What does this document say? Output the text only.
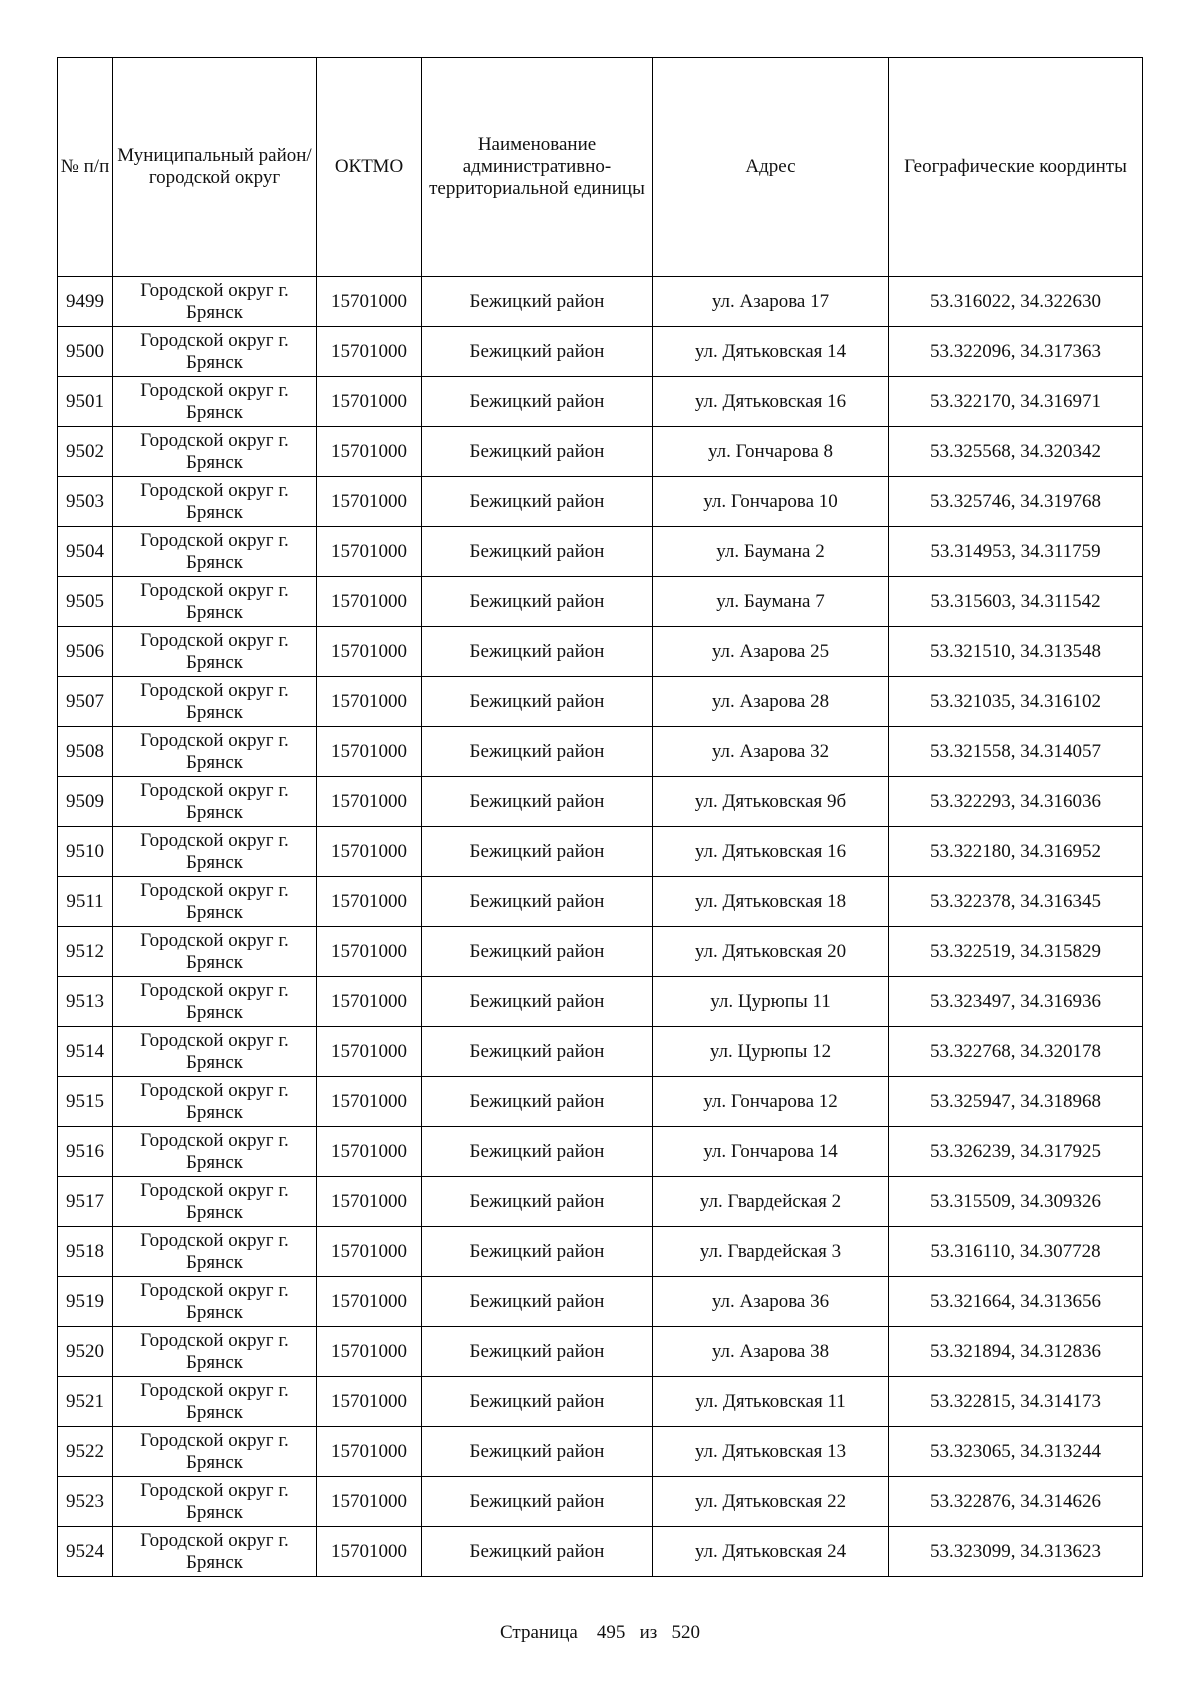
№ п/п	Муниципальный район/городской округ	ОКТМО	Наименование административно-территориальной единицы	Адрес	Географические координты
9499	Городской округ г. Брянск	15701000	Бежицкий район	ул. Азарова 17	53.316022, 34.322630
9500	Городской округ г. Брянск	15701000	Бежицкий район	ул. Дятьковская 14	53.322096, 34.317363
9501	Городской округ г. Брянск	15701000	Бежицкий район	ул. Дятьковская 16	53.322170, 34.316971
9502	Городской округ г. Брянск	15701000	Бежицкий район	ул. Гончарова 8	53.325568, 34.320342
9503	Городской округ г. Брянск	15701000	Бежицкий район	ул. Гончарова 10	53.325746, 34.319768
9504	Городской округ г. Брянск	15701000	Бежицкий район	ул. Баумана 2	53.314953, 34.311759
9505	Городской округ г. Брянск	15701000	Бежицкий район	ул. Баумана 7	53.315603, 34.311542
9506	Городской округ г. Брянск	15701000	Бежицкий район	ул. Азарова 25	53.321510, 34.313548
9507	Городской округ г. Брянск	15701000	Бежицкий район	ул. Азарова 28	53.321035, 34.316102
9508	Городской округ г. Брянск	15701000	Бежицкий район	ул. Азарова 32	53.321558, 34.314057
9509	Городской округ г. Брянск	15701000	Бежицкий район	ул. Дятьковская 9б	53.322293, 34.316036
9510	Городской округ г. Брянск	15701000	Бежицкий район	ул. Дятьковская 16	53.322180, 34.316952
9511	Городской округ г. Брянск	15701000	Бежицкий район	ул. Дятьковская 18	53.322378, 34.316345
9512	Городской округ г. Брянск	15701000	Бежицкий район	ул. Дятьковская 20	53.322519, 34.315829
9513	Городской округ г. Брянск	15701000	Бежицкий район	ул. Цурюпы 11	53.323497, 34.316936
9514	Городской округ г. Брянск	15701000	Бежицкий район	ул. Цурюпы 12	53.322768, 34.320178
9515	Городской округ г. Брянск	15701000	Бежицкий район	ул. Гончарова 12	53.325947, 34.318968
9516	Городской округ г. Брянск	15701000	Бежицкий район	ул. Гончарова 14	53.326239, 34.317925
9517	Городской округ г. Брянск	15701000	Бежицкий район	ул. Гвардейская 2	53.315509, 34.309326
9518	Городской округ г. Брянск	15701000	Бежицкий район	ул. Гвардейская 3	53.316110, 34.307728
9519	Городской округ г. Брянск	15701000	Бежицкий район	ул. Азарова 36	53.321664, 34.313656
9520	Городской округ г. Брянск	15701000	Бежицкий район	ул. Азарова 38	53.321894, 34.312836
9521	Городской округ г. Брянск	15701000	Бежицкий район	ул. Дятьковская 11	53.322815, 34.314173
9522	Городской округ г. Брянск	15701000	Бежицкий район	ул. Дятьковская 13	53.323065, 34.313244
9523	Городской округ г. Брянск	15701000	Бежицкий район	ул. Дятьковская 22	53.322876, 34.314626
9524	Городской округ г. Брянск	15701000	Бежицкий район	ул. Дятьковская 24	53.323099, 34.313623
Страница 495 из 520
